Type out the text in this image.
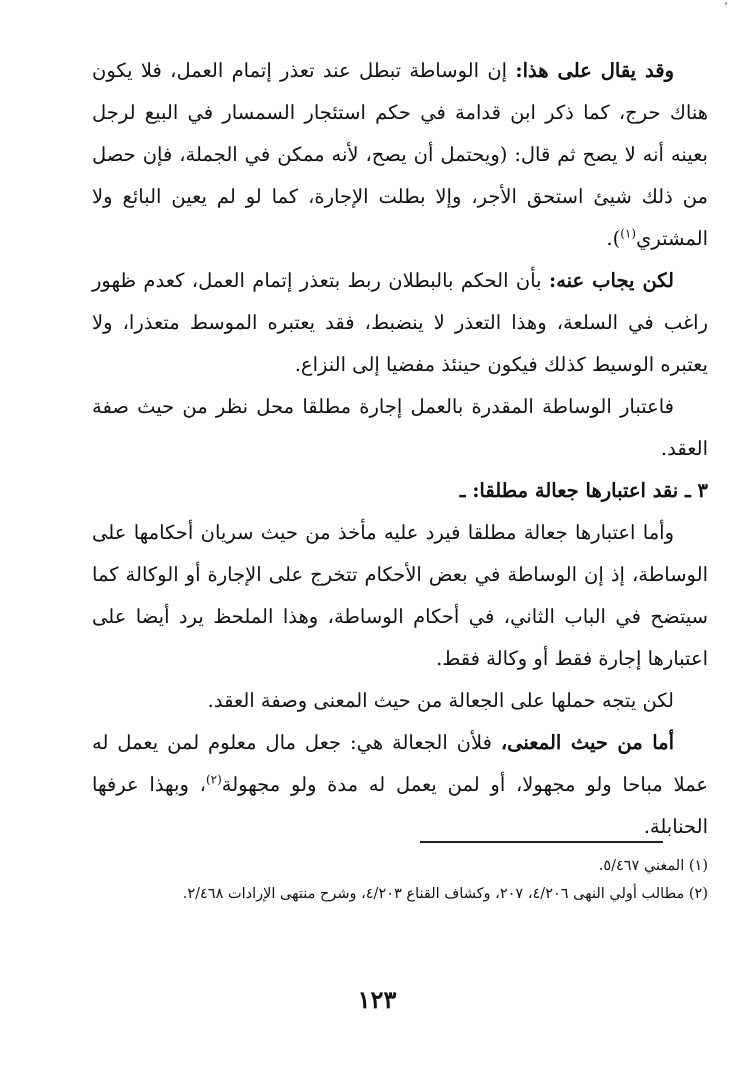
٬

وقد يقال على هذا: إن الوساطة تبطل عند تعذر إتمام العمل، فلا يكون هناك حرج، كما ذكر ابن قدامة في حكم استئجار السمسار في البيع لرجل بعينه أنه لا يصح ثم قال: (ويحتمل أن يصح، لأنه ممكن في الجملة، فإن حصل من ذلك شيئ استحق الأجر، وإلا بطلت الإجارة، كما لو لم يعين البائع ولا المشتري$^{(١)}$).

لكن يجاب عنه: بأن الحكم بالبطلان ربط بتعذر إتمام العمل، كعدم ظهور راغب في السلعة، وهذا التعذر لا ينضبط، فقد يعتبره الموسط متعذرا، ولا يعتبره الوسيط كذلك فيكون حينئذ مفضيا إلى النزاع.

فاعتبار الوساطة المقدرة بالعمل إجارة مطلقا محل نظر من حيث صفة العقد.

٣ ـ نقد اعتبارها جعالة مطلقا: ـ

وأما اعتبارها جعالة مطلقا فيرد عليه مأخذ من حيث سريان أحكامها على الوساطة، إذ إن الوساطة في بعض الأحكام تتخرج على الإجارة أو الوكالة كما سيتضح في الباب الثاني، في أحكام الوساطة، وهذا الملحظ يرد أيضا على اعتبارها إجارة فقط أو وكالة فقط.

لكن يتجه حملها على الجعالة من حيث المعنى وصفة العقد.

أما من حيث المعنى، فلأن الجعالة هي: جعل مال معلوم لمن يعمل له عملا مباحا ولو مجهولا، أو لمن يعمل له مدة ولو مجهولة$^{(٢)}$، وبهذا عرفها الحنابلة.

(١) المغني ٥/٤٦٧.

(٢) مطالب أولي النهى ٤/٢٠٦، ٢٠٧، وكشاف القناع ٤/٢٠٣، وشرح منتهى الإرادات ٢/٤٦٨.

١٢٣
